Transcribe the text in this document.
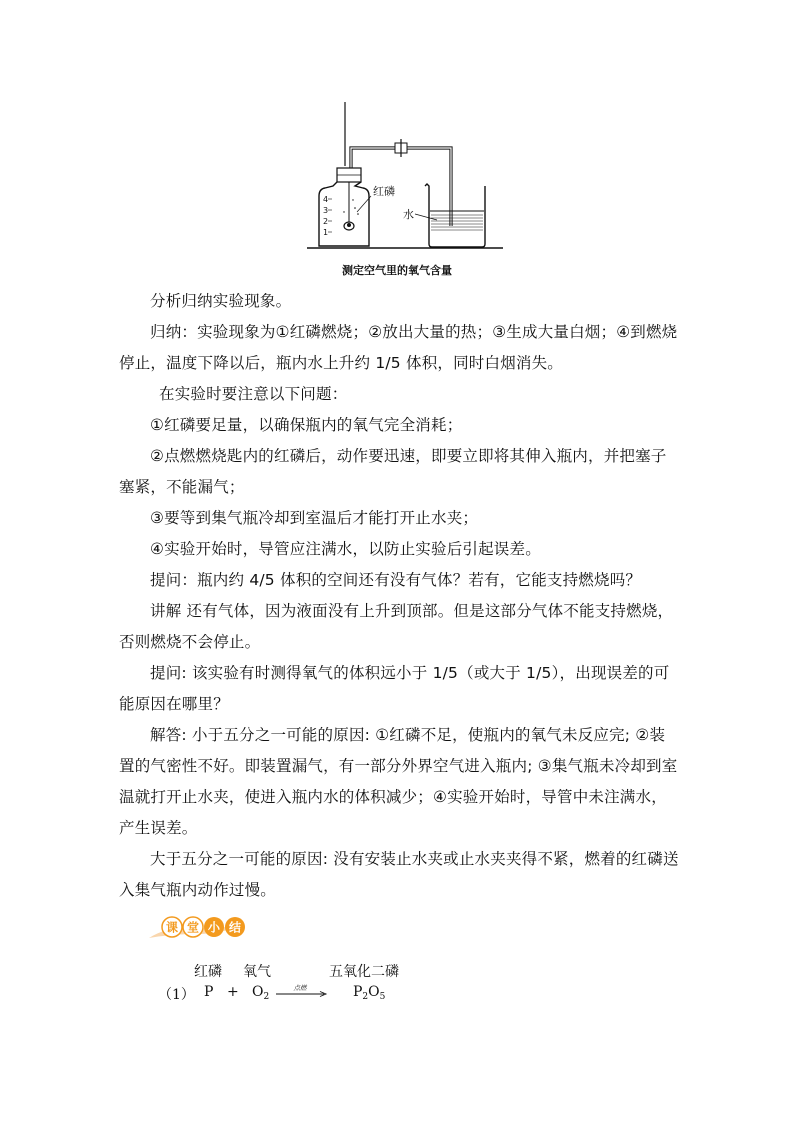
4
3
2
1
红磷
水
测定空气里的氧气含量

分析归纳实验现象。

归纳：实验现象为①红磷燃烧；②放出大量的热；③生成大量白烟；④到燃烧停止，温度下降以后，瓶内水上升约 1/5 体积，同时白烟消失。

在实验时要注意以下问题：

①红磷要足量，以确保瓶内的氧气完全消耗；

②点燃燃烧匙内的红磷后，动作要迅速，即要立即将其伸入瓶内，并把塞子塞紧，不能漏气；

③要等到集气瓶冷却到室温后才能打开止水夹；

④实验开始时，导管应注满水，以防止实验后引起误差。

提问：瓶内约 4/5 体积的空间还有没有气体？若有，它能支持燃烧吗？

讲解 还有气体，因为液面没有上升到顶部。但是这部分气体不能支持燃烧，否则燃烧不会停止。

提问: 该实验有时测得氧气的体积远小于 1/5（或大于 1/5），出现误差的可能原因在哪里？

解答: 小于五分之一可能的原因: ①红磷不足，使瓶内的氧气未反应完; ②装置的气密性不好。即装置漏气，有一部分外界空气进入瓶内; ③集气瓶未冷却到室温就打开止水夹，使进入瓶内水的体积减少；④实验开始时，导管中未注满水，产生误差。

大于五分之一可能的原因: 没有安装止水夹或止水夹夹得不紧，燃着的红磷送入集气瓶内动作过慢。

课 堂 小 结
红磷 氧气	五氧化二磷
（1） $P + O_2$
点燃	$P_2O_5$
